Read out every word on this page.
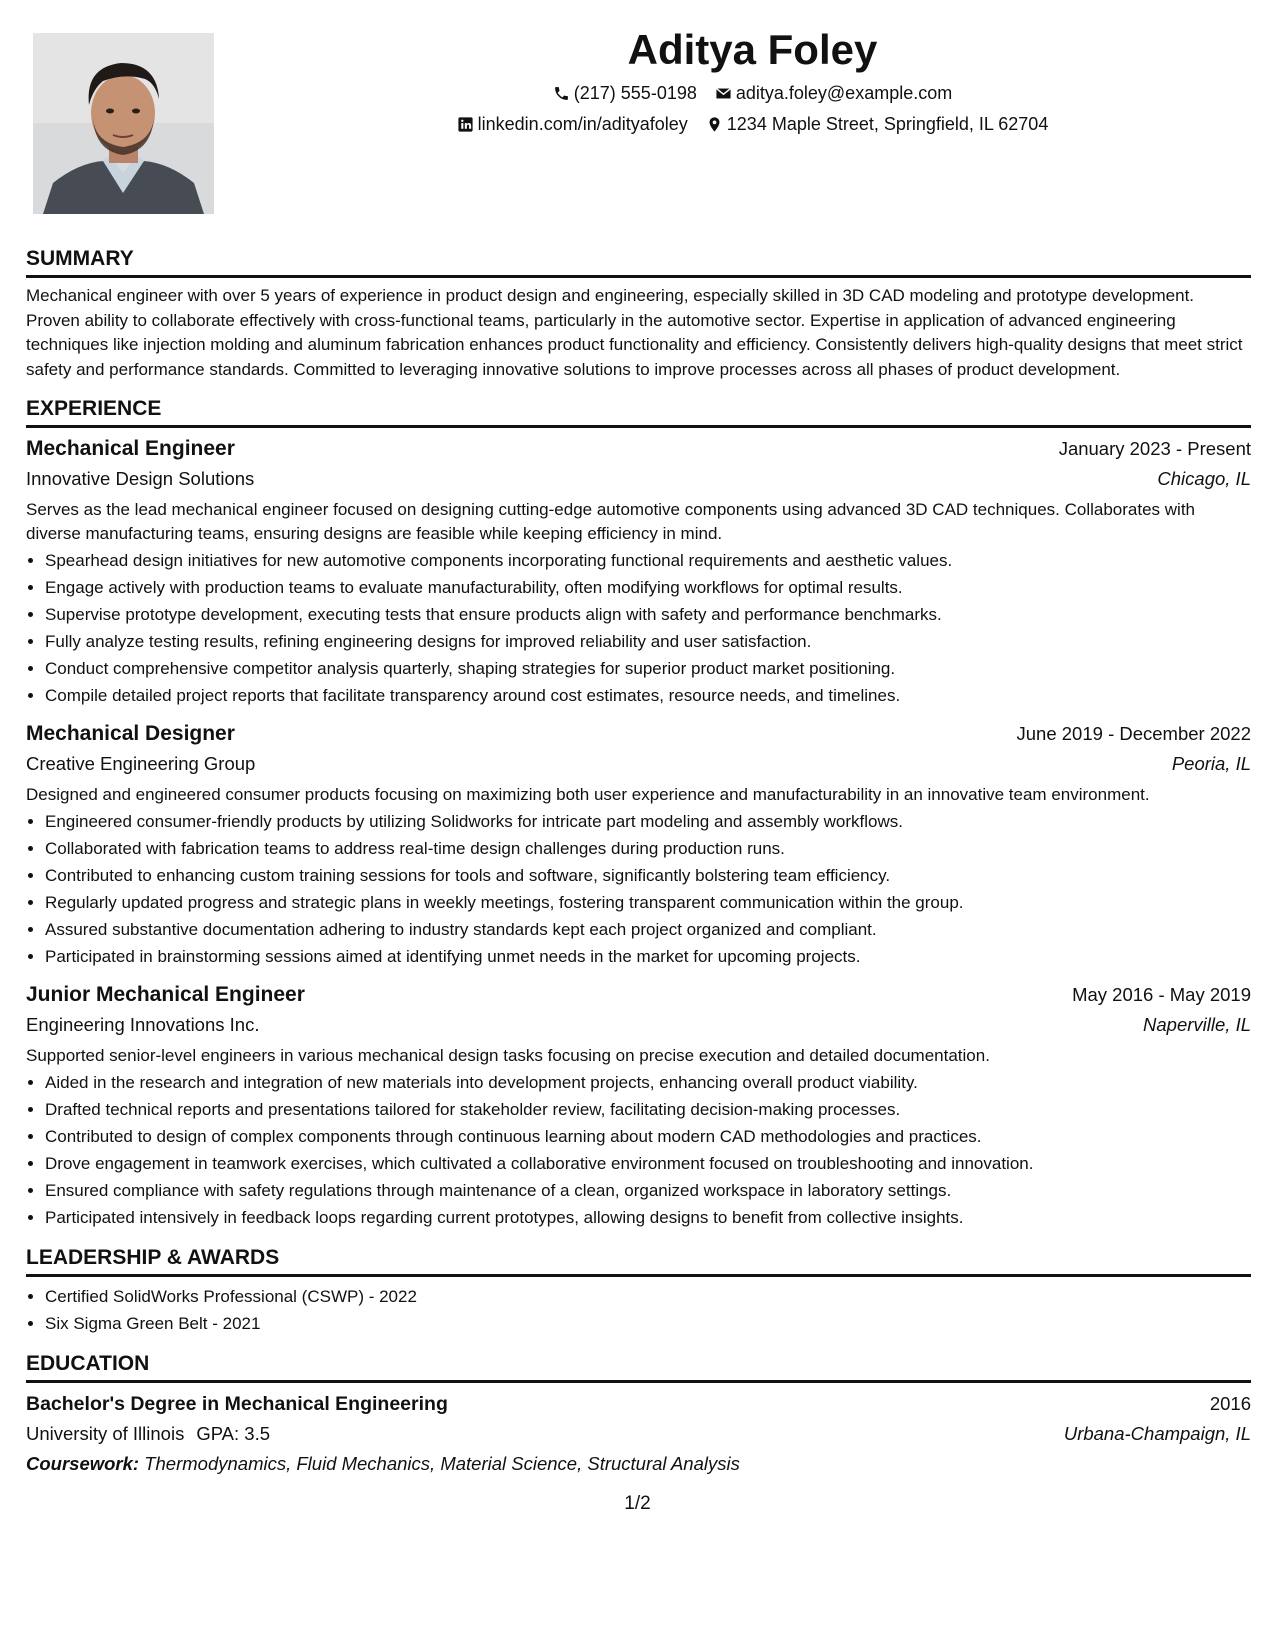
Aditya Foley
(217) 555-0198 aditya.foley@example.com
linkedin.com/in/adityafoley 1234 Maple Street, Springfield, IL 62704
SUMMARY

Mechanical engineer with over 5 years of experience in product design and engineering, especially skilled in 3D CAD modeling and prototype development. Proven ability to collaborate effectively with cross-functional teams, particularly in the automotive sector. Expertise in application of advanced engineering techniques like injection molding and aluminum fabrication enhances product functionality and efficiency. Consistently delivers high-quality designs that meet strict safety and performance standards. Committed to leveraging innovative solutions to improve processes across all phases of product development.

EXPERIENCE
Mechanical Engineer	January 2023 - Present
Innovative Design Solutions	Chicago, IL

Serves as the lead mechanical engineer focused on designing cutting-edge automotive components using advanced 3D CAD techniques. Collaborates with diverse manufacturing teams, ensuring designs are feasible while keeping efficiency in mind.

• Spearhead design initiatives for new automotive components incorporating functional requirements and aesthetic values.
• Engage actively with production teams to evaluate manufacturability, often modifying workflows for optimal results.
• Supervise prototype development, executing tests that ensure products align with safety and performance benchmarks.
• Fully analyze testing results, refining engineering designs for improved reliability and user satisfaction.
• Conduct comprehensive competitor analysis quarterly, shaping strategies for superior product market positioning.
• Compile detailed project reports that facilitate transparency around cost estimates, resource needs, and timelines.
Mechanical Designer	June 2019 - December 2022
Creative Engineering Group	Peoria, IL

Designed and engineered consumer products focusing on maximizing both user experience and manufacturability in an innovative team environment.

• Engineered consumer-friendly products by utilizing Solidworks for intricate part modeling and assembly workflows.
• Collaborated with fabrication teams to address real-time design challenges during production runs.
• Contributed to enhancing custom training sessions for tools and software, significantly bolstering team efficiency.
• Regularly updated progress and strategic plans in weekly meetings, fostering transparent communication within the group.
• Assured substantive documentation adhering to industry standards kept each project organized and compliant.
• Participated in brainstorming sessions aimed at identifying unmet needs in the market for upcoming projects.
Junior Mechanical Engineer	May 2016 - May 2019
Engineering Innovations Inc.	Naperville, IL

Supported senior-level engineers in various mechanical design tasks focusing on precise execution and detailed documentation.

• Aided in the research and integration of new materials into development projects, enhancing overall product viability.
• Drafted technical reports and presentations tailored for stakeholder review, facilitating decision-making processes.
• Contributed to design of complex components through continuous learning about modern CAD methodologies and practices.
• Drove engagement in teamwork exercises, which cultivated a collaborative environment focused on troubleshooting and innovation.
• Ensured compliance with safety regulations through maintenance of a clean, organized workspace in laboratory settings.
• Participated intensively in feedback loops regarding current prototypes, allowing designs to benefit from collective insights.
LEADERSHIP & AWARDS
• Certified SolidWorks Professional (CSWP) - 2022
• Six Sigma Green Belt - 2021
EDUCATION
Bachelor's Degree in Mechanical Engineering	2016
University of Illinois GPA: 3.5	Urbana-Champaign, IL
Coursework: Thermodynamics, Fluid Mechanics, Material Science, Structural Analysis
1/2
